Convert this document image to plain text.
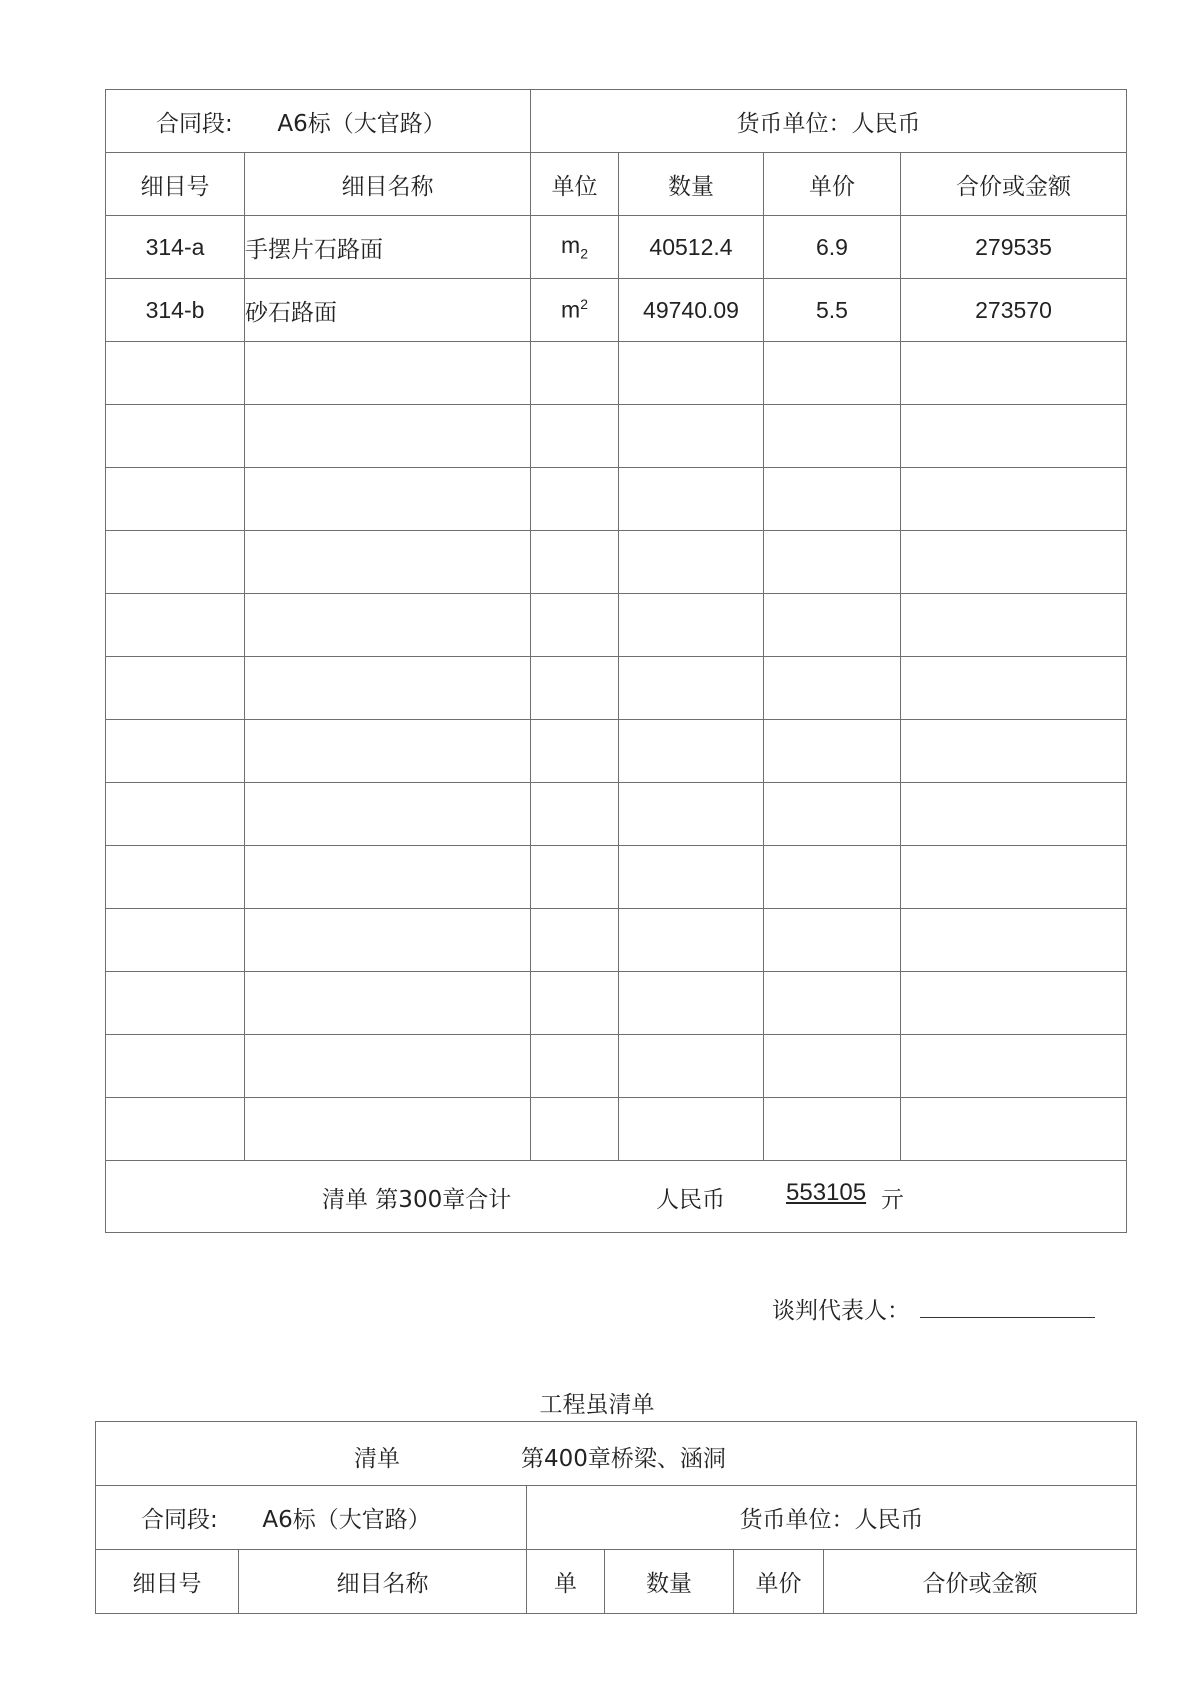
合同段: A6标（大官路）		货币单位：人民币			
细目号	细目名称	单位	数量	单价	合价或金额
314-a	手摆片石路面	$m_2$	40512.4	6.9	279535
314-b	砂石路面	$m^2$	49740.09	5.5	273570

清单 第300章合计 人民币 553105 亓					
谈判代表人：
工程虽清单
清单 第400章桥梁、涵洞					

合同段: A6标（大官路）		货币单位：人民币			
细目号	细目名称	单	数量	单价	合价或金额
